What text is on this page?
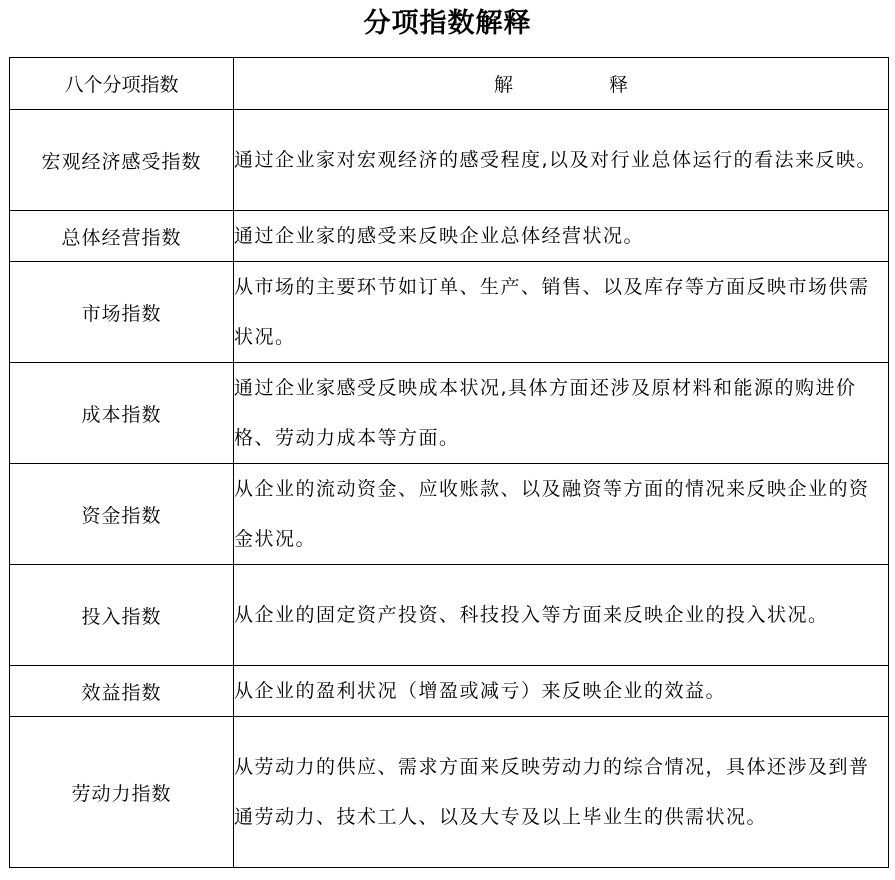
分项指数解释
八个分项指数	解 释
宏观经济感受指数	通过企业家对宏观经济的感受程度,以及对行业总体运行的看法来反映。
总体经营指数	通过企业家的感受来反映企业总体经营状况。
市场指数	从市场的主要环节如订单、生产、销售、以及库存等方面反映市场供需状况。
成本指数	通过企业家感受反映成本状况,具体方面还涉及原材料和能源的购进价格、劳动力成本等方面。
资金指数	从企业的流动资金、应收账款、以及融资等方面的情况来反映企业的资金状况。
投入指数	从企业的固定资产投资、科技投入等方面来反映企业的投入状况。
效益指数	从企业的盈利状况（增盈或减亏）来反映企业的效益。
劳动力指数	从劳动力的供应、需求方面来反映劳动力的综合情况，具体还涉及到普通劳动力、技术工人、以及大专及以上毕业生的供需状况。
